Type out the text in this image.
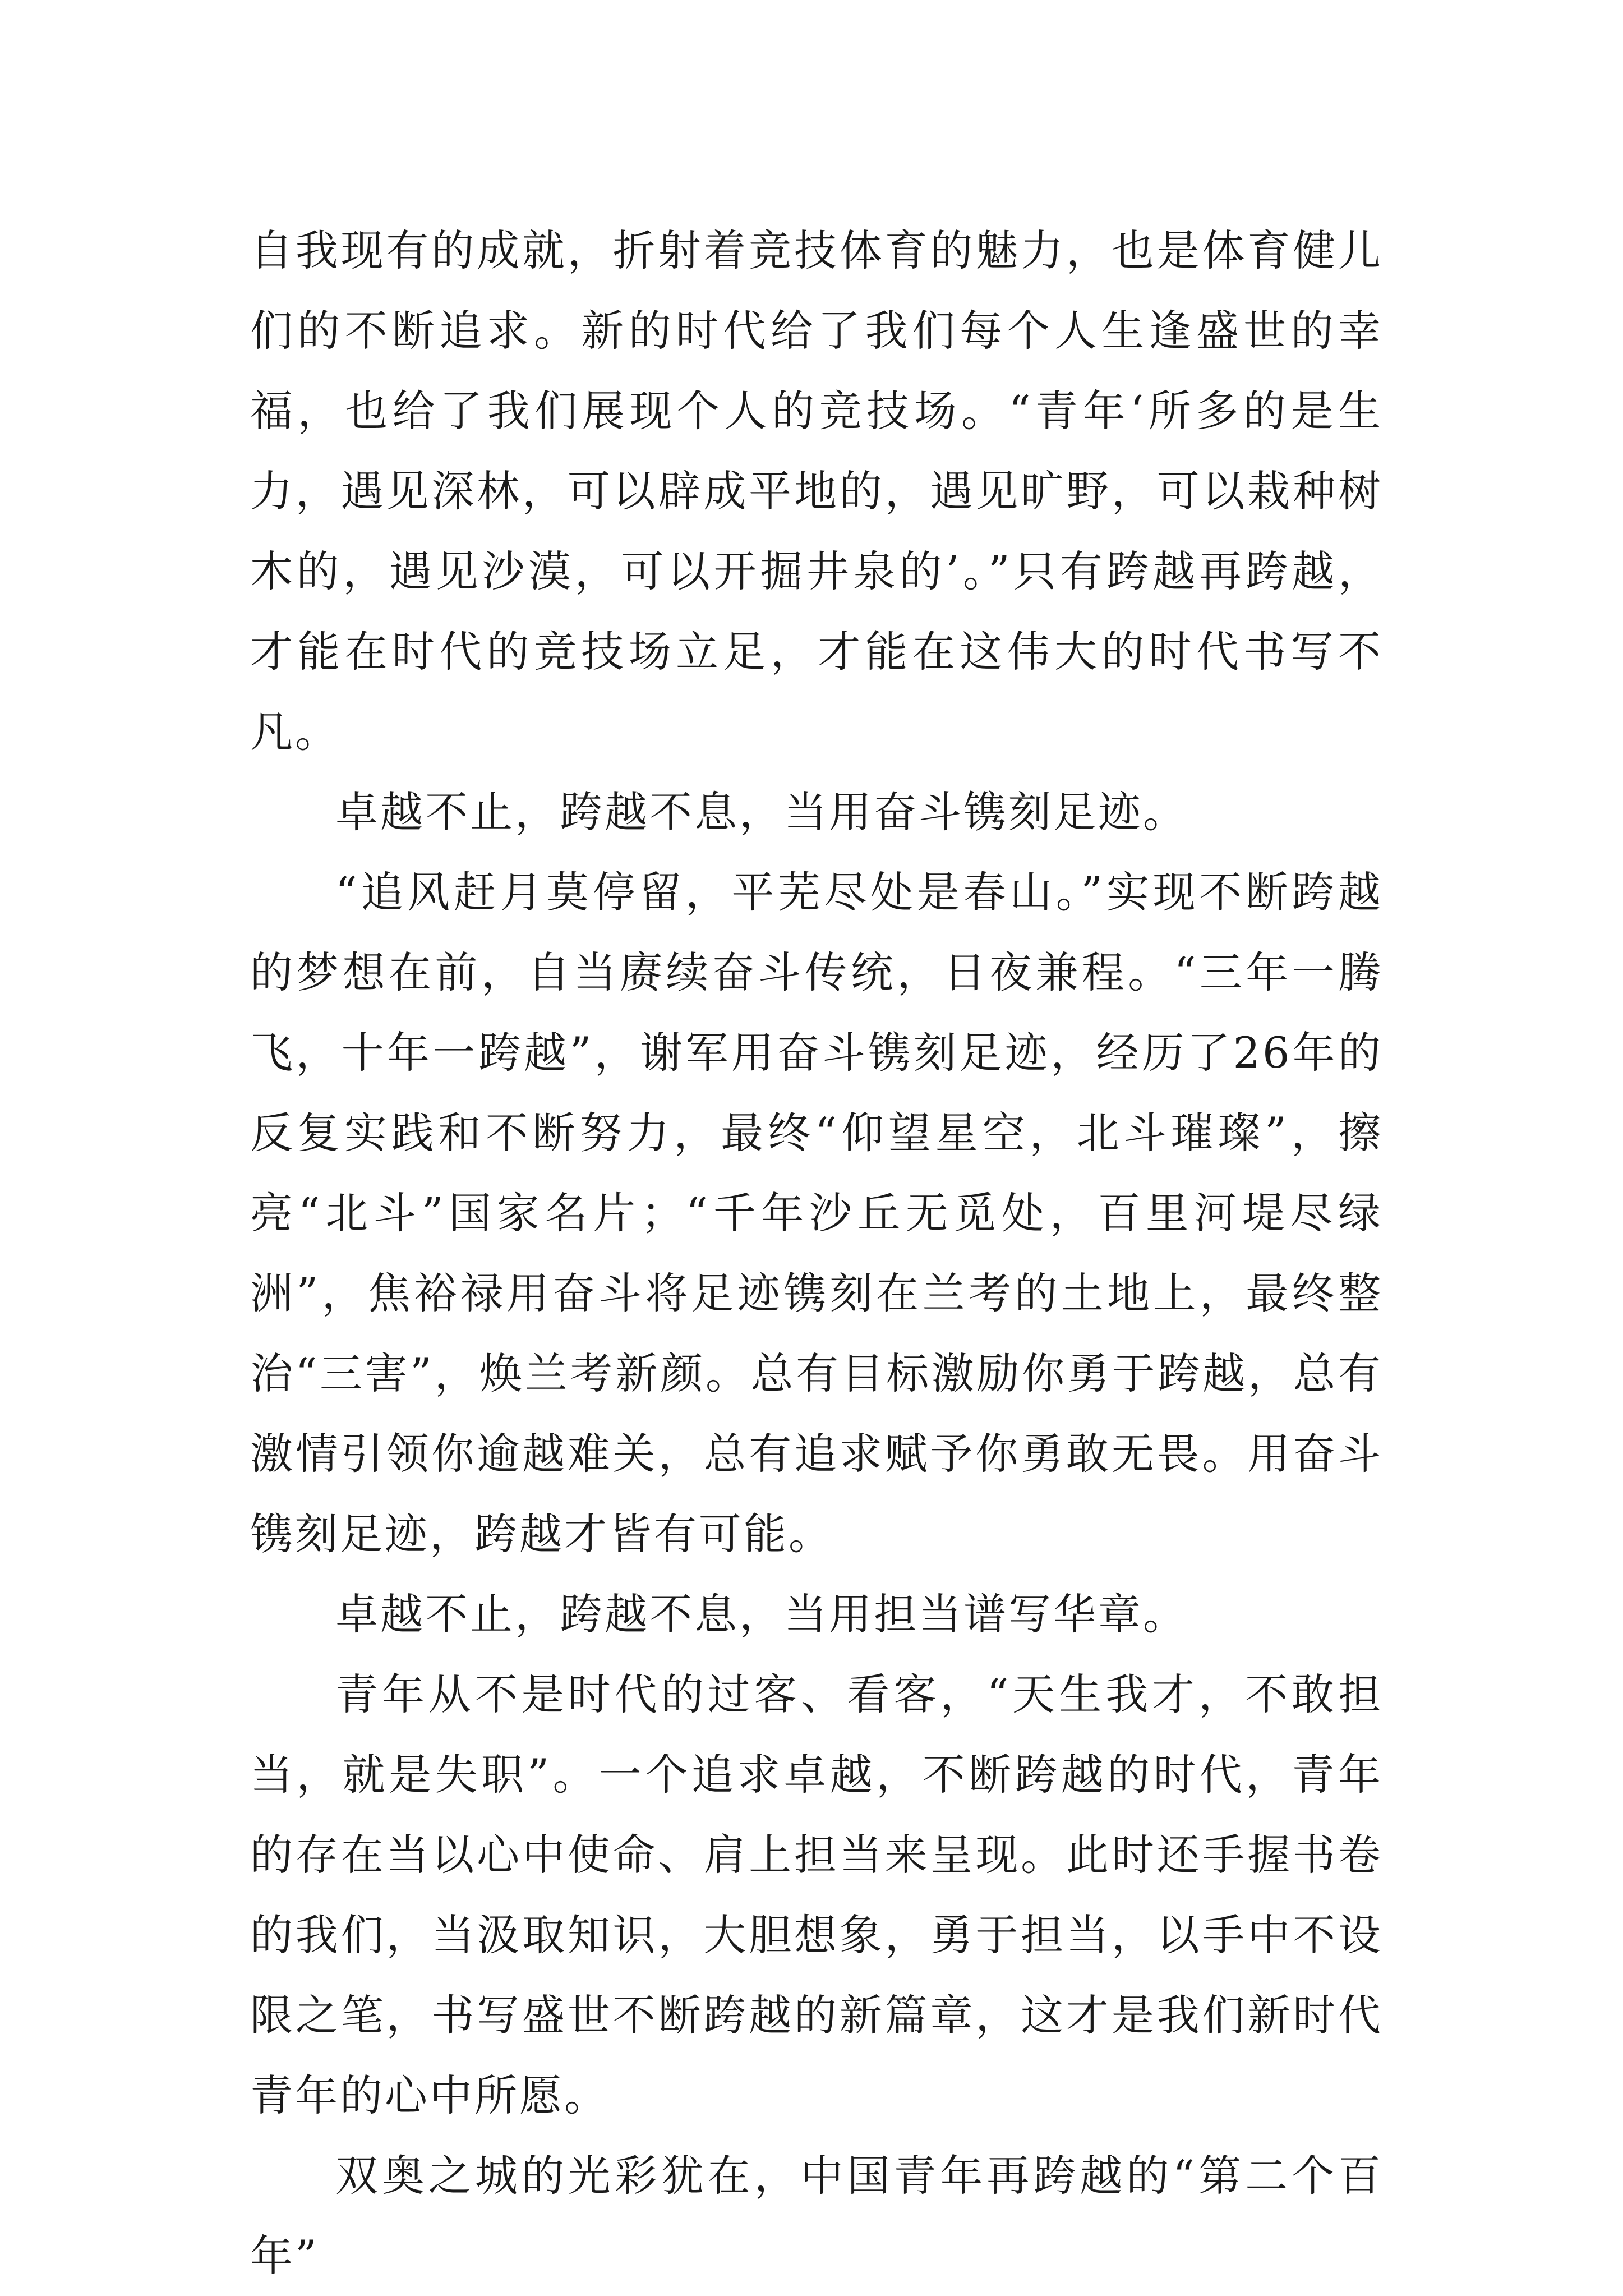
自我现有的成就，折射着竞技体育的魅力，也是体育健儿们的不断追求。新的时代给了我们每个人生逢盛世的幸福，也给了我们展现个人的竞技场。“青年‘所多的是生力，遇见深林，可以辟成平地的，遇见旷野，可以栽种树木的，遇见沙漠，可以开掘井泉的’。”只有跨越再跨越，才能在时代的竞技场立足，才能在这伟大的时代书写不凡。

卓越不止，跨越不息，当用奋斗镌刻足迹。

“追风赶月莫停留，平芜尽处是春山。”实现不断跨越的梦想在前，自当赓续奋斗传统，日夜兼程。“三年一腾飞，十年一跨越”，谢军用奋斗镌刻足迹，经历了26年的反复实践和不断努力，最终“仰望星空，北斗璀璨”，擦亮“北斗”国家名片；“千年沙丘无觅处，百里河堤尽绿洲”，焦裕禄用奋斗将足迹镌刻在兰考的土地上，最终整治“三害”，焕兰考新颜。总有目标激励你勇于跨越，总有激情引领你逾越难关，总有追求赋予你勇敢无畏。用奋斗镌刻足迹，跨越才皆有可能。

卓越不止，跨越不息，当用担当谱写华章。

青年从不是时代的过客、看客，“天生我才，不敢担当，就是失职”。一个追求卓越，不断跨越的时代，青年的存在当以心中使命、肩上担当来呈现。此时还手握书卷的我们，当汲取知识，大胆想象，勇于担当，以手中不设限之笔，书写盛世不断跨越的新篇章，这才是我们新时代青年的心中所愿。

双奥之城的光彩犹在，中国青年再跨越的“第二个百年”
